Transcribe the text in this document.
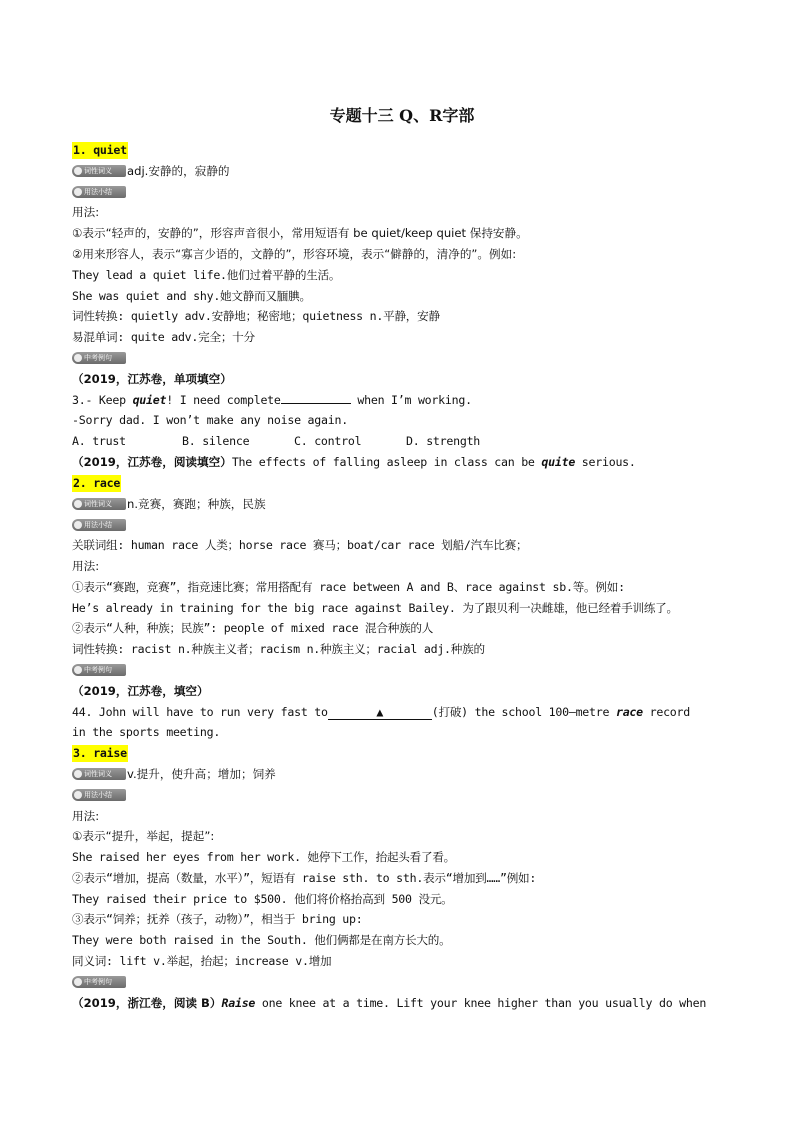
专题十三 Q、R字部
1. quiet
词性词义 adj.安静的，寂静的
用法小结
用法:
①表示“轻声的，安静的”，形容声音很小，常用短语有 be quiet/keep quiet 保持安静。
②用来形容人，表示“寡言少语的，文静的”，形容环境，表示“僻静的，清净的”。例如:
They lead a quiet life.他们过着平静的生活。
She was quiet and shy.她文静而又腼腆。
词性转换: quietly adv.安静地；秘密地；quietness n.平静，安静
易混单词: quite adv.完全；十分
中考例句
（2019，江苏卷，单项填空）
3.- Keep quiet! I need complete	when I’m working.
-Sorry dad. I won’t make any noise again.
A. trust	B. silence	C. control	D. strength
（2019，江苏卷，阅读填空）The effects of falling asleep in class can be quite serious.
2. race
词性词义 n.竞赛，赛跑；种族，民族
用法小结
关联词组: human race 人类；horse race 赛马；boat/car race 划船/汽车比赛；
用法:
①表示“赛跑，竞赛”，指竞速比赛；常用搭配有 race between A and B、race against sb.等。例如:
He’s already in training for the big race against Bailey. 为了跟贝利一决雌雄，他已经着手训练了。
②表示“人种，种族；民族”: people of mixed race 混合种族的人
词性转换: racist n.种族主义者；racism n.种族主义；racial adj.种族的
中考例句
（2019，江苏卷，填空）
44. John will have to run very fast to	▲	(打破) the school 100—metre race record
in the sports meeting.
3. raise
词性词义 v.提升，使升高；增加；饲养
用法小结
用法:
①表示“提升，举起，提起”:
She raised her eyes from her work. 她停下工作，抬起头看了看。
②表示“增加，提高（数量，水平）”，短语有 raise sth. to sth.表示“增加到……”例如:
They raised their price to $500. 他们将价格抬高到 500 没元。
③表示“饲养；抚养（孩子，动物）”，相当于 bring up:
They were both raised in the South. 他们俩都是在南方长大的。
同义词: lift v.举起，抬起；increase v.增加
中考例句
（2019，浙江卷，阅读 B）Raise one knee at a time. Lift your knee higher than you usually do when
